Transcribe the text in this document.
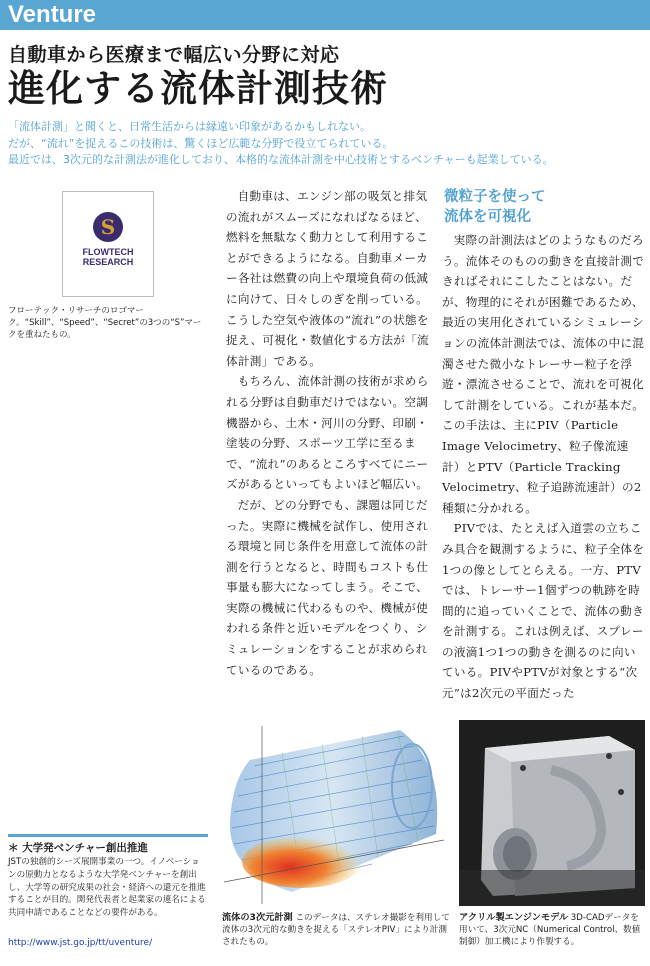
Venture
自動車から医療まで幅広い分野に対応
進化する流体計測技術
「流体計測」と聞くと、日常生活からは縁遠い印象があるかもしれない。
だが、“流れ”を捉えるこの技術は、驚くほど広範な分野で役立てられている。
最近では、3次元的な計測法が進化しており、本格的な流体計測を中心技術とするベンチャーも起業している。
S
FLOWTECH
RESEARCH
フローテック・リサーチのロゴマーク。“Skill”、“Speed”、“Secret”の3つの“S”マークを重ねたもの。

自動車は、エンジン部の吸気と排気の流れがスムーズになればなるほど、燃料を無駄なく動力として利用することができるようになる。自動車メーカー各社は燃費の向上や環境負荷の低減に向けて、日々しのぎを削っている。こうした空気や液体の“流れ”の状態を捉え、可視化・数値化する方法が「流体計測」である。

もちろん、流体計測の技術が求められる分野は自動車だけではない。空調機器から、土木・河川の分野、印刷・塗装の分野、スポーツ工学に至るまで、“流れ”のあるところすべてにニーズがあるといってもよいほど幅広い。

だが、どの分野でも、課題は同じだった。実際に機械を試作し、使用される環境と同じ条件を用意して流体の計測を行うとなると、時間もコストも仕事量も膨大になってしまう。そこで、実際の機械に代わるものや、機械が使われる条件と近いモデルをつくり、シミュレーションをすることが求められているのである。

微粒子を使って
流体を可視化

実際の計測法はどのようなものだろう。流体そのものの動きを直接計測できればそれにこしたことはない。だが、物理的にそれが困難であるため、最近の実用化されているシミュレーションの流体計測法では、流体の中に混濁させた微小なトレーサー粒子を浮遊・漂流させることで、流れを可視化して計測をしている。これが基本だ。この手法は、主にPIV（Particle Image Velocimetry、粒子像流速計）とPTV（Particle Tracking Velocimetry、粒子追跡流速計）の2種類に分かれる。

PIVでは、たとえば入道雲の立ちこみ具合を観測するように、粒子全体を1つの像としてとらえる。一方、PTVでは、トレーサー1個ずつの軌跡を時間的に追っていくことで、流体の動きを計測する。これは例えば、スプレーの液滴1つ1つの動きを測るのに向いている。PIVやPTVが対象とする“次元”は2次元の平面だった

＊ 大学発ベンチャー創出推進
JSTの独創的シーズ展開事業の一つ。イノベーションの原動力となるような大学発ベンチャーを創出し、大学等の研究成果の社会・経済への還元を推進することが目的。開発代表者と起業家の連名による共同申請であることなどの要件がある。
http://www.jst.go.jp/tt/uventure/
流体の3次元計測 このデータは、ステレオ撮影を利用して流体の3次元的な動きを捉える「ステレオPIV」により計測されたもの。
アクリル製エンジンモデル 3D-CADデータを用いて、3次元NC（Numerical Control、数値制御）加工機により作製する。
